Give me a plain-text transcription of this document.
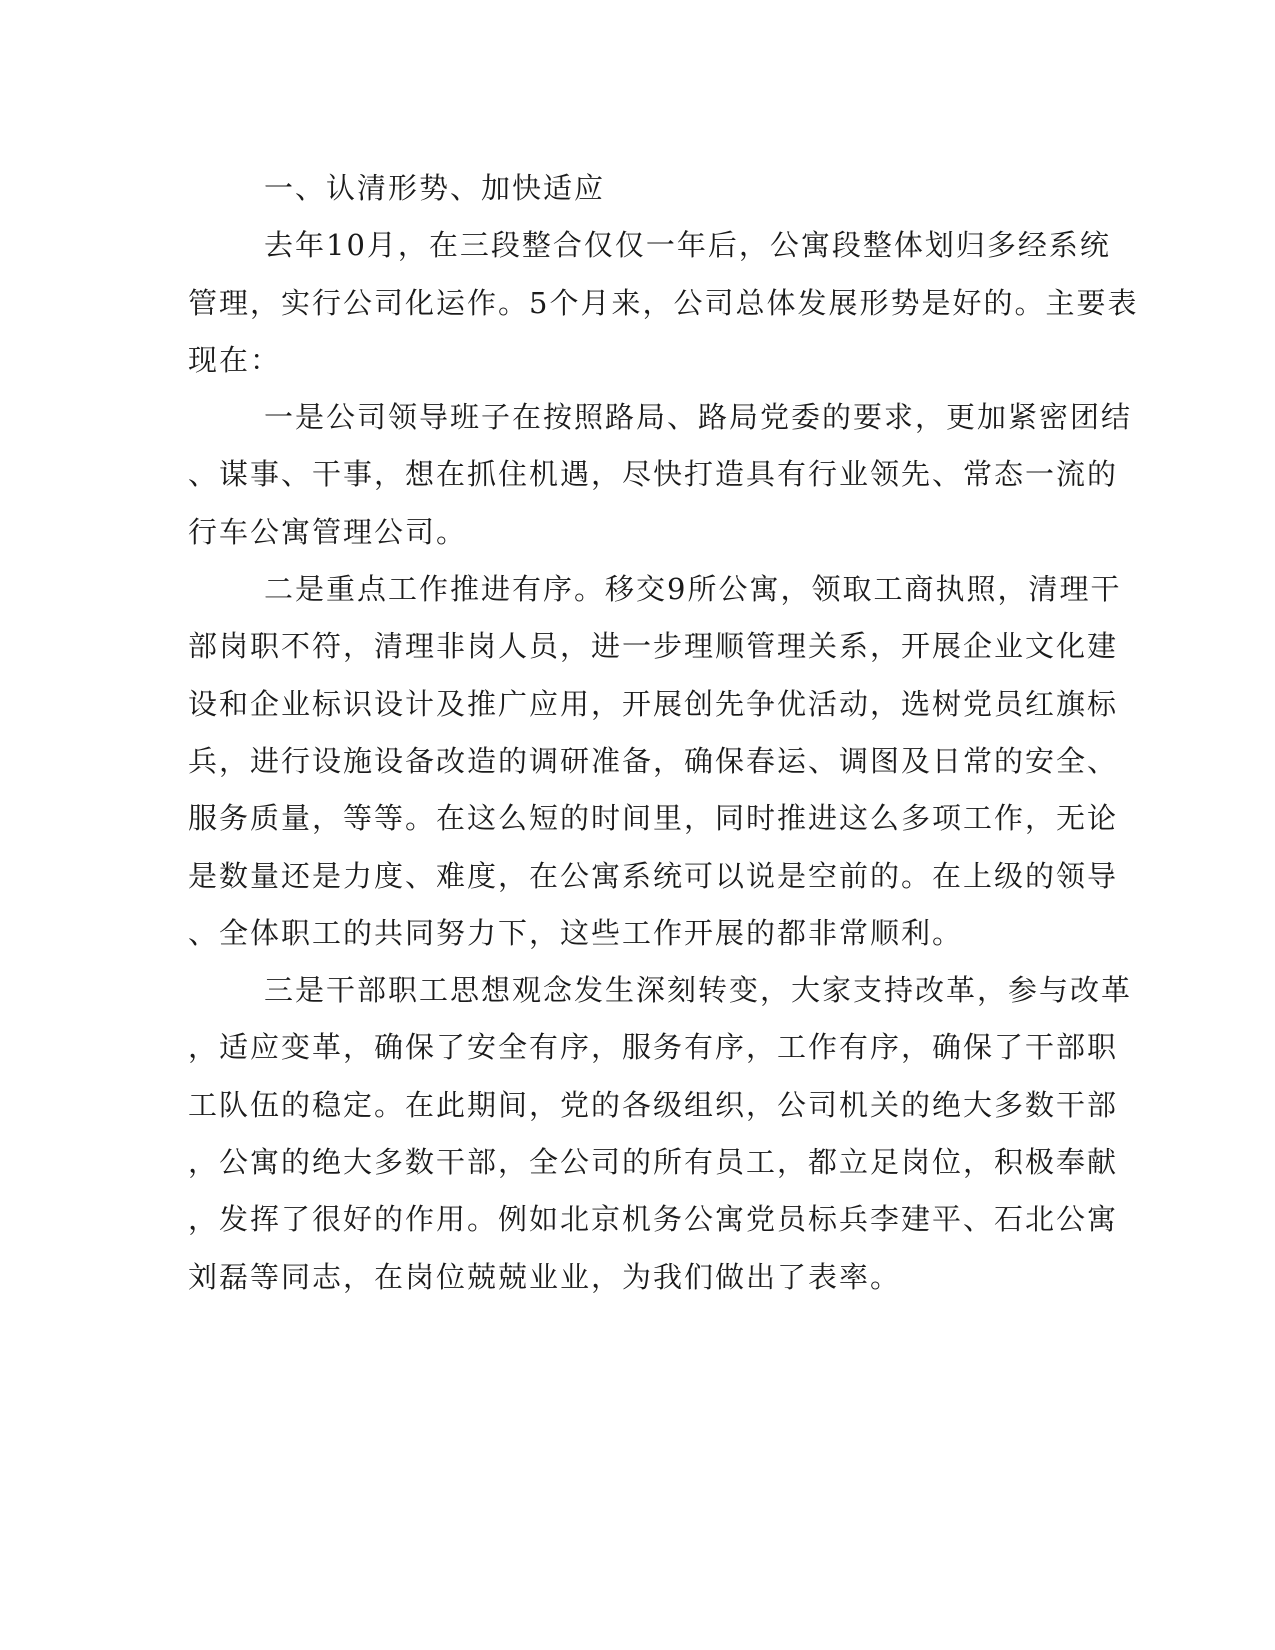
一、认清形势、加快适应
去年10月，在三段整合仅仅一年后，公寓段整体划归多经系统
管理，实行公司化运作。5个月来，公司总体发展形势是好的。主要表
现在：
一是公司领导班子在按照路局、路局党委的要求，更加紧密团结
、谋事、干事，想在抓住机遇，尽快打造具有行业领先、常态一流的
行车公寓管理公司。
二是重点工作推进有序。移交9所公寓，领取工商执照，清理干
部岗职不符，清理非岗人员，进一步理顺管理关系，开展企业文化建
设和企业标识设计及推广应用，开展创先争优活动，选树党员红旗标
兵，进行设施设备改造的调研准备，确保春运、调图及日常的安全、
服务质量，等等。在这么短的时间里，同时推进这么多项工作，无论
是数量还是力度、难度，在公寓系统可以说是空前的。在上级的领导
、全体职工的共同努力下，这些工作开展的都非常顺利。
三是干部职工思想观念发生深刻转变，大家支持改革，参与改革
，适应变革，确保了安全有序，服务有序，工作有序，确保了干部职
工队伍的稳定。在此期间，党的各级组织，公司机关的绝大多数干部
，公寓的绝大多数干部，全公司的所有员工，都立足岗位，积极奉献
，发挥了很好的作用。例如北京机务公寓党员标兵李建平、石北公寓
刘磊等同志，在岗位兢兢业业，为我们做出了表率。
